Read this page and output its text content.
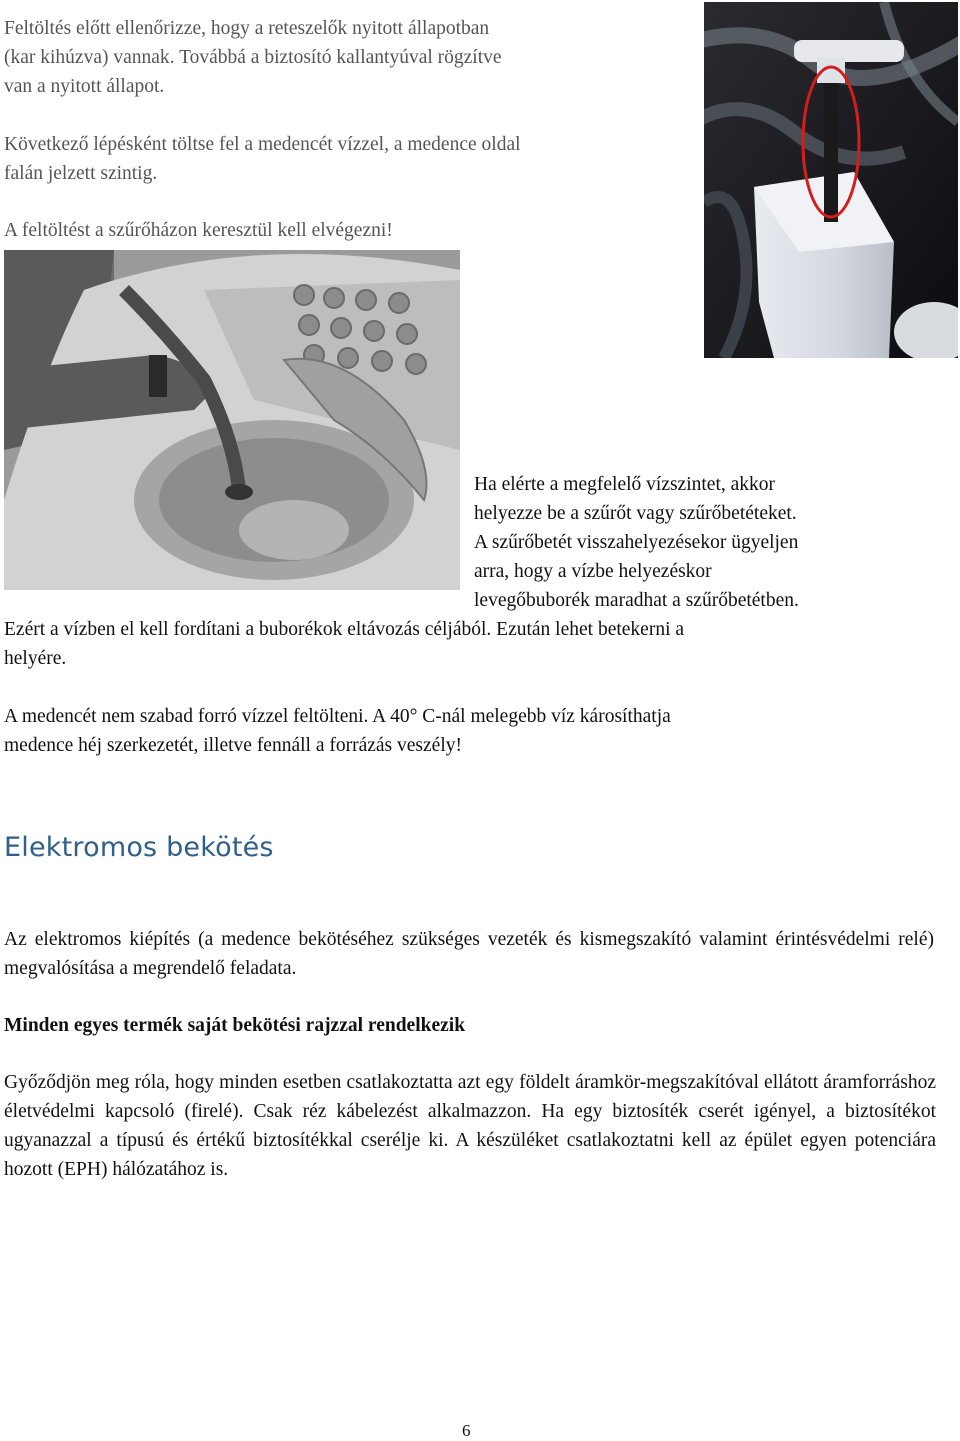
Feltöltés előtt ellenőrizze, hogy a reteszelők nyitott állapotban
(kar kihúzva) vannak. Továbbá a biztosító kallantyúval rögzítve
van a nyitott állapot.
Következő lépésként töltse fel a medencét vízzel, a medence oldal
falán jelzett szintig.
A feltöltést a szűrőházon keresztül kell elvégezni!
Ha elérte a megfelelő vízszintet, akkor
helyezze be a szűrőt vagy szűrőbetéteket.
A szűrőbetét visszahelyezésekor ügyeljen
arra, hogy a vízbe helyezéskor
levegőbuborék maradhat a szűrőbetétben.
Ezért a vízben el kell fordítani a buborékok eltávozás céljából. Ezután lehet betekerni a
helyére.
A medencét nem szabad forró vízzel feltölteni. A 40° C-nál melegebb víz károsíthatja
medence héj szerkezetét, illetve fennáll a forrázás veszély!
Elektromos bekötés
Az elektromos kiépítés (a medence bekötéséhez szükséges vezeték és kismegszakító valamint érintésvédelmi relé) megvalósítása a megrendelő feladata.
Minden egyes termék saját bekötési rajzzal rendelkezik
Győződjön meg róla, hogy minden esetben csatlakoztatta azt egy földelt áramkör-megszakítóval ellátott áramforráshoz életvédelmi kapcsoló (firelé). Csak réz kábelezést alkalmazzon. Ha egy biztosíték cserét igényel, a biztosítékot ugyanazzal a típusú és értékű biztosítékkal cserélje ki. A készüléket csatlakoztatni kell az épület egyen potenciára hozott (EPH) hálózatához is.
6
